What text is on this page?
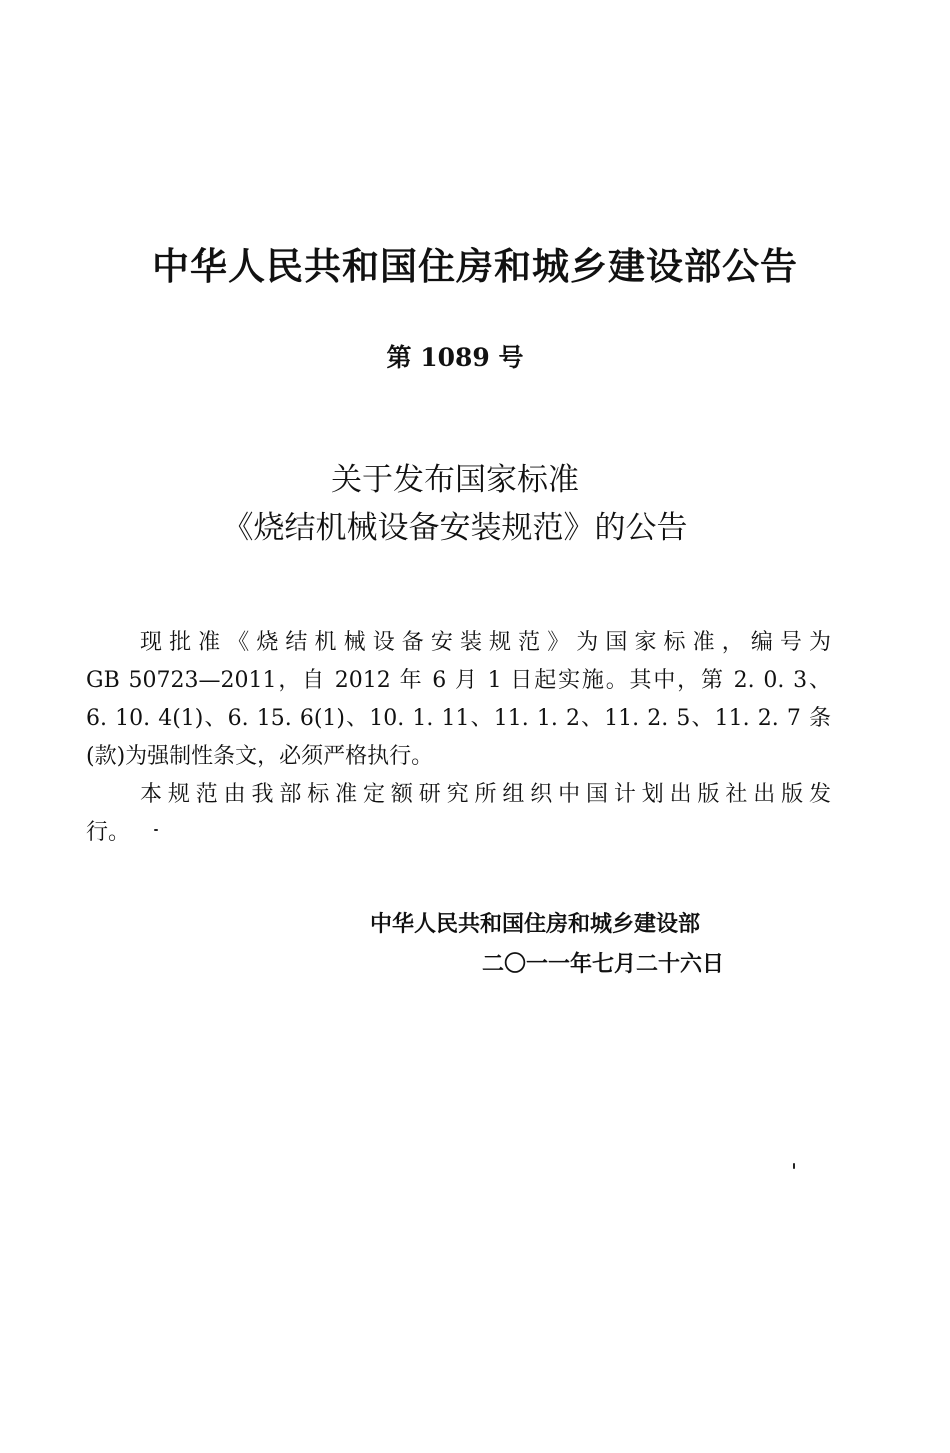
中华人民共和国住房和城乡建设部公告
第 1089 号
关于发布国家标准
《烧结机械设备安装规范》的公告

现批准《烧结机械设备安装规范》为国家标准，编号为
GB 50723—2011，自 2012 年 6 月 1 日起实施。其中，第 2. 0. 3、
6. 10. 4(1)、6. 15. 6(1)、10. 1. 11、11. 1. 2、11. 2. 5、11. 2. 7 条
(款)为强制性条文，必须严格执行。

本规范由我部标准定额研究所组织中国计划出版社出版发
行。

中华人民共和国住房和城乡建设部
二〇一一年七月二十六日
